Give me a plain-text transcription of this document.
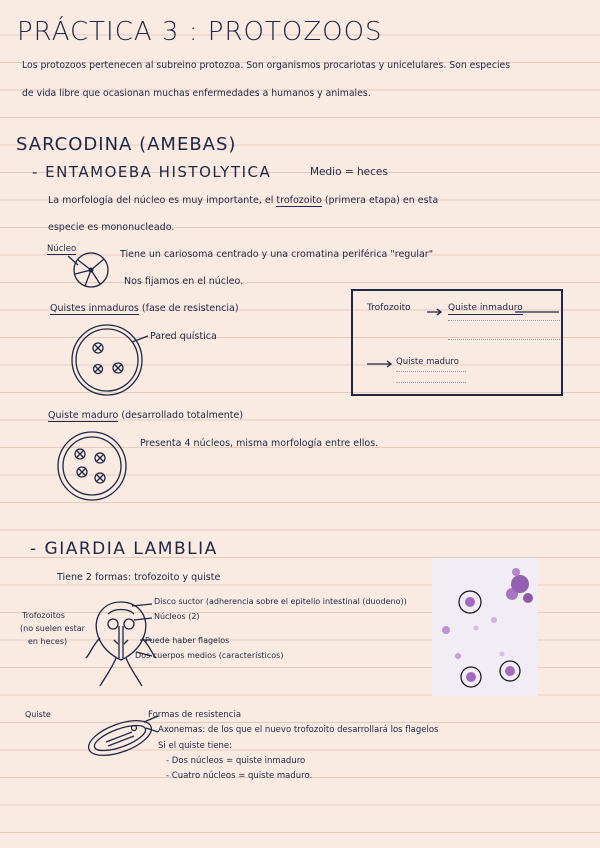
PRÁCTICA 3 : PROTOZOOS
Los protozoos pertenecen al subreino protozoa. Son organismos procariotas y unicelulares. Son especies
de vida libre que ocasionan muchas enfermedades a humanos y animales.
SARCODINA (AMEBAS)
- ENTAMOEBA HISTOLYTICA	Medio = heces
La morfología del núcleo es muy importante, el trofozoito (primera etapa) en esta
especie es mononucleado.
Núcleo	Tiene un cariosoma centrado y una cromatina periférica "regular"
Nos fijamos en el núcleo.
Quistes inmaduros (fase de resistencia)
Pared quística
Quiste maduro (desarrollado totalmente)
Presenta 4 núcleos, misma morfología entre ellos.
Trofozoito	Quiste inmaduro
Quiste maduro
- GIARDIA LAMBLIA
Tiene 2 formas: trofozoito y quiste
Trofozoitos
(no suelen estar
en heces)
Disco suctor (adherencia sobre el epitelio intestinal (duodeno))
Núcleos (2)
Puede haber flagelos
Dos cuerpos medios (característicos)
Quiste	Formas de resistencia
Axonemas: de los que el nuevo trofozoito desarrollará los flagelos
Si el quiste tiene:
- Dos núcleos = quiste inmaduro
- Cuatro núcleos = quiste maduro.
